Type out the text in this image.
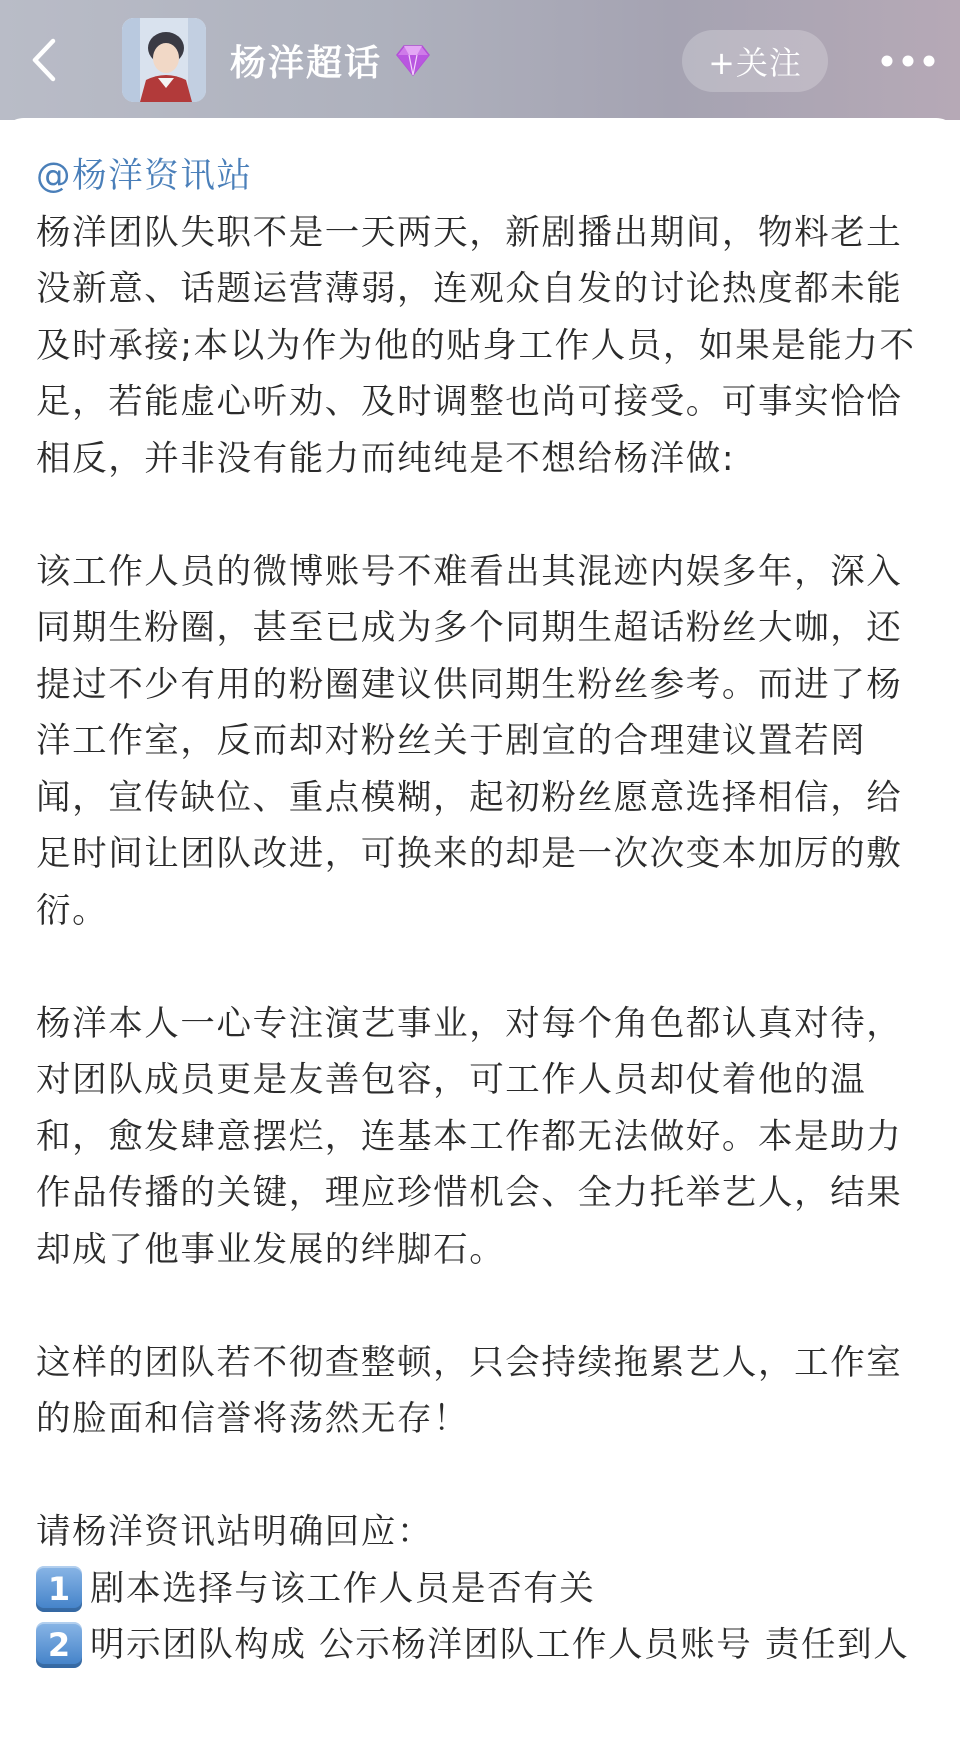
杨洋超话	+关注
@杨洋资讯站

杨洋团队失职不是一天两天，新剧播出期间，物料老土没新意、话题运营薄弱，连观众自发的讨论热度都未能及时承接;本以为作为他的贴身工作人员，如果是能力不足，若能虚心听劝、及时调整也尚可接受。可事实恰恰相反，并非没有能力而纯纯是不想给杨洋做:

该工作人员的微博账号不难看出其混迹内娱多年，深入同期生粉圈，甚至已成为多个同期生超话粉丝大咖，还提过不少有用的粉圈建议供同期生粉丝参考。而进了杨洋工作室，反而却对粉丝关于剧宣的合理建议置若罔闻，宣传缺位、重点模糊，起初粉丝愿意选择相信，给足时间让团队改进，可换来的却是一次次变本加厉的敷衍。

杨洋本人一心专注演艺事业，对每个角色都认真对待，对团队成员更是友善包容，可工作人员却仗着他的温和，愈发肆意摆烂，连基本工作都无法做好。本是助力作品传播的关键，理应珍惜机会、全力托举艺人，结果却成了他事业发展的绊脚石。

这样的团队若不彻查整顿，只会持续拖累艺人，工作室的脸面和信誉将荡然无存！

请杨洋资讯站明确回应：

1 剧本选择与该工作人员是否有关
2 明示团队构成 公示杨洋团队工作人员账号 责任到人
